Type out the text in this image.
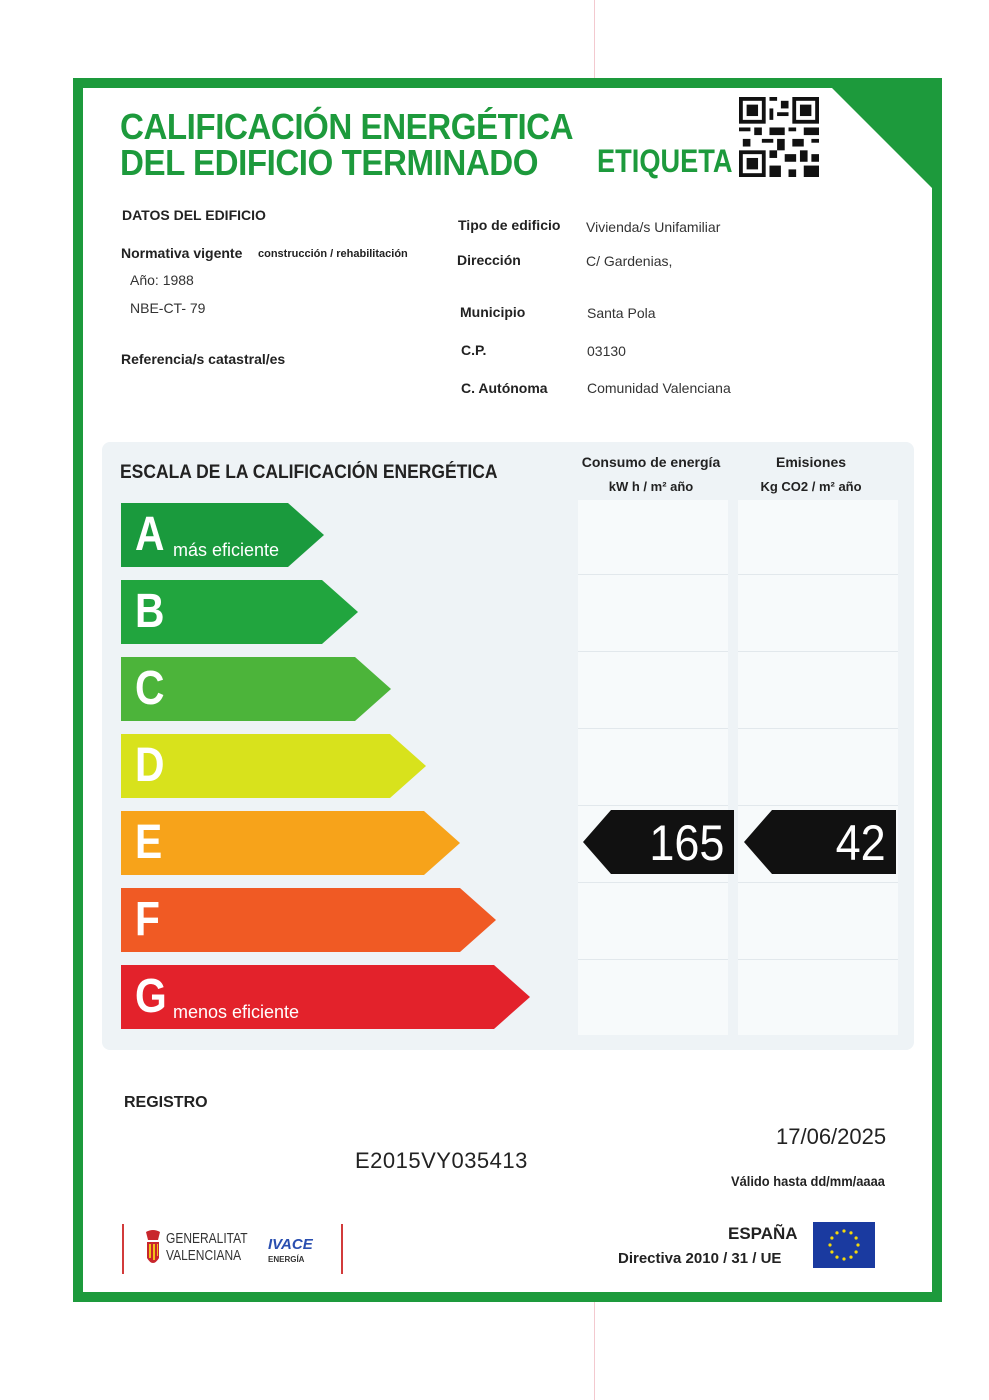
CALIFICACIÓN ENERGÉTICA
DEL EDIFICIO TERMINADO ETIQUETA
DATOS DEL EDIFICIO
Normativa vigente construcción / rehabilitación
Año: 1988
NBE-CT- 79
Referencia/s catastral/es
Tipo de edificio Vivienda/s Unifamiliar
Dirección	C/ Gardenias,
Municipio	Santa Pola
C.P.	03130
C. Autónoma	Comunidad Valenciana
ESCALA DE LA CALIFICACIÓN ENERGÉTICA	Consumo de energía
kW h / m² año
Emisiones
Kg CO2 / m² año
A más eficiente
B
C
D
E
F
G menos eficiente
165 42
REGISTRO
E2015VY035413
17/06/2025
Válido hasta dd/mm/aaaa
GENERALITAT
VALENCIANA
IVACE
ENERGÍA
ESPAÑA
Directiva 2010 / 31 / UE
